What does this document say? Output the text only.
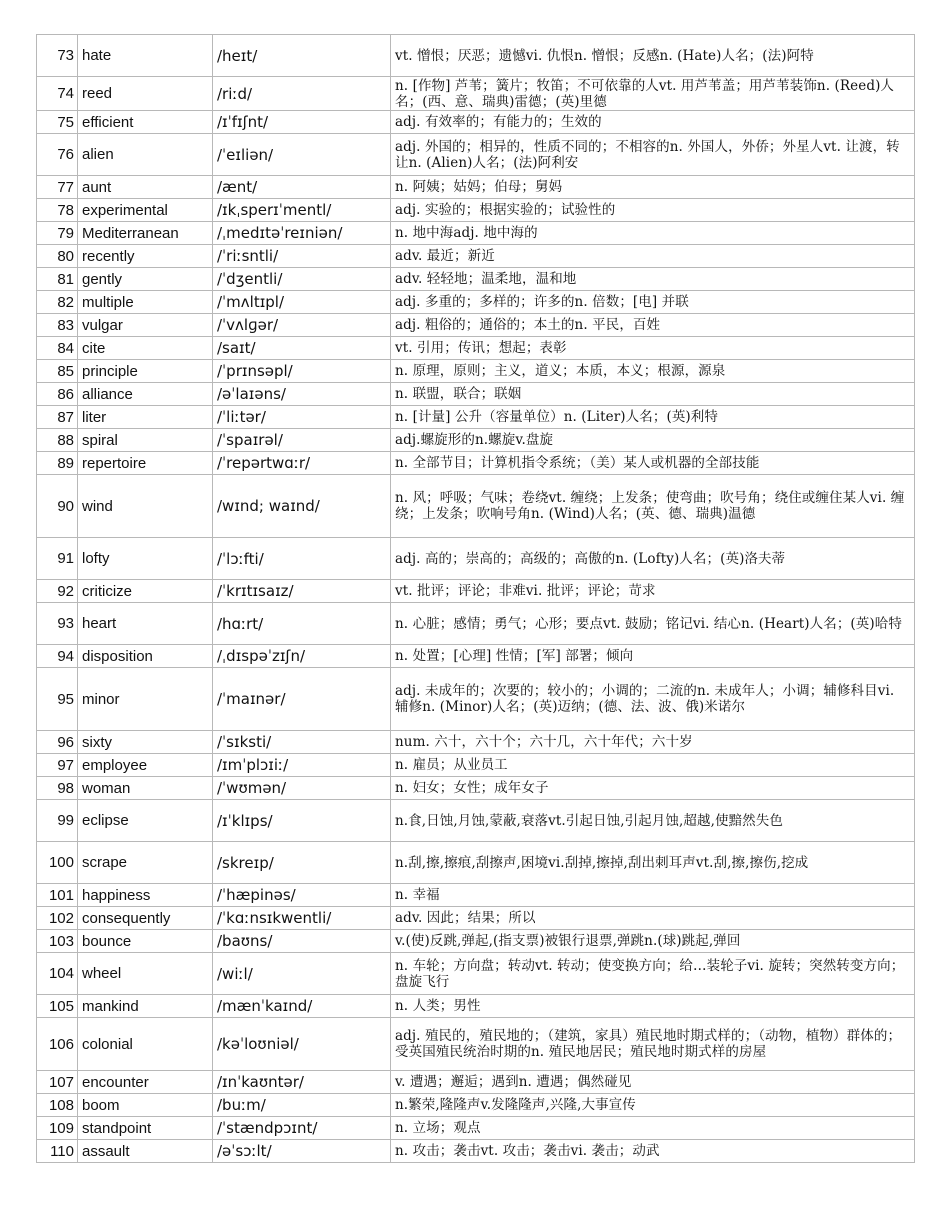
73	hate	/heɪt/	vt. 憎恨；厌恶；遗憾vi. 仇恨n. 憎恨；反感n. (Hate)人名；(法)阿特
74	reed	/riːd/	n. [作物] 芦苇；簧片；牧笛；不可依靠的人vt. 用芦苇盖；用芦苇装饰n. (Reed)人名；(西、意、瑞典)雷德；(英)里德
75	efficient	/ɪˈfɪʃnt/	adj. 有效率的；有能力的；生效的
76	alien	/ˈeɪliən/	adj. 外国的；相异的，性质不同的；不相容的n. 外国人，外侨；外星人vt. 让渡，转让n. (Alien)人名；(法)阿利安
77	aunt	/ænt/	n. 阿姨；姑妈；伯母；舅妈
78	experimental	/ɪkˌsperɪˈmentl/	adj. 实验的；根据实验的；试验性的
79	Mediterranean	/ˌmedɪtəˈreɪniən/	n. 地中海adj. 地中海的
80	recently	/ˈriːsntli/	adv. 最近；新近
81	gently	/ˈdʒentli/	adv. 轻轻地；温柔地，温和地
82	multiple	/ˈmʌltɪpl/	adj. 多重的；多样的；许多的n. 倍数；[电] 并联
83	vulgar	/ˈvʌlɡər/	adj. 粗俗的；通俗的；本土的n. 平民，百姓
84	cite	/saɪt/	vt. 引用；传讯；想起；表彰
85	principle	/ˈprɪnsəpl/	n. 原理，原则；主义，道义；本质，本义；根源，源泉
86	alliance	/əˈlaɪəns/	n. 联盟，联合；联姻
87	liter	/ˈliːtər/	n. [计量] 公升（容量单位）n. (Liter)人名；(英)利特
88	spiral	/ˈspaɪrəl/	adj.螺旋形的n.螺旋v.盘旋
89	repertoire	/ˈrepərtwɑːr/	n. 全部节目；计算机指令系统；（美）某人或机器的全部技能
90	wind	/wɪnd; waɪnd/	n. 风；呼吸；气味；卷绕vt. 缠绕；上发条；使弯曲；吹号角；绕住或缠住某人vi. 缠绕；上发条；吹响号角n. (Wind)人名；(英、德、瑞典)温德
91	lofty	/ˈlɔːfti/	adj. 高的；崇高的；高级的；高傲的n. (Lofty)人名；(英)洛夫蒂
92	criticize	/ˈkrɪtɪsaɪz/	vt. 批评；评论；非难vi. 批评；评论；苛求
93	heart	/hɑːrt/	n. 心脏；感情；勇气；心形；要点vt. 鼓励；铭记vi. 结心n. (Heart)人名；(英)哈特
94	disposition	/ˌdɪspəˈzɪʃn/	n. 处置；[心理] 性情；[军] 部署；倾向
95	minor	/ˈmaɪnər/	adj. 未成年的；次要的；较小的；小调的；二流的n. 未成年人；小调；辅修科目vi. 辅修n. (Minor)人名；(英)迈纳；(德、法、波、俄)米诺尔
96	sixty	/ˈsɪksti/	num. 六十，六十个；六十几，六十年代；六十岁
97	employee	/ɪmˈplɔɪiː/	n. 雇员；从业员工
98	woman	/ˈwʊmən/	n. 妇女；女性；成年女子
99	eclipse	/ɪˈklɪps/	n.食,日蚀,月蚀,蒙蔽,衰落vt.引起日蚀,引起月蚀,超越,使黯然失色
100	scrape	/skreɪp/	n.刮,擦,擦痕,刮擦声,困境vi.刮掉,擦掉,刮出刺耳声vt.刮,擦,擦伤,挖成
101	happiness	/ˈhæpinəs/	n. 幸福
102	consequently	/ˈkɑːnsɪkwentli/	adv. 因此；结果；所以
103	bounce	/baʊns/	v.(使)反跳,弹起,(指支票)被银行退票,弹跳n.(球)跳起,弹回
104	wheel	/wiːl/	n. 车轮；方向盘；转动vt. 转动；使变换方向；给…装轮子vi. 旋转；突然转变方向；盘旋飞行
105	mankind	/mænˈkaɪnd/	n. 人类；男性
106	colonial	/kəˈloʊniəl/	adj. 殖民的，殖民地的；（建筑，家具）殖民地时期式样的；（动物，植物）群体的；受英国殖民统治时期的n. 殖民地居民；殖民地时期式样的房屋
107	encounter	/ɪnˈkaʊntər/	v. 遭遇；邂逅；遇到n. 遭遇；偶然碰见
108	boom	/buːm/	n.繁荣,隆隆声v.发隆隆声,兴隆,大事宣传
109	standpoint	/ˈstændpɔɪnt/	n. 立场；观点
110	assault	/əˈsɔːlt/	n. 攻击；袭击vt. 攻击；袭击vi. 袭击；动武
